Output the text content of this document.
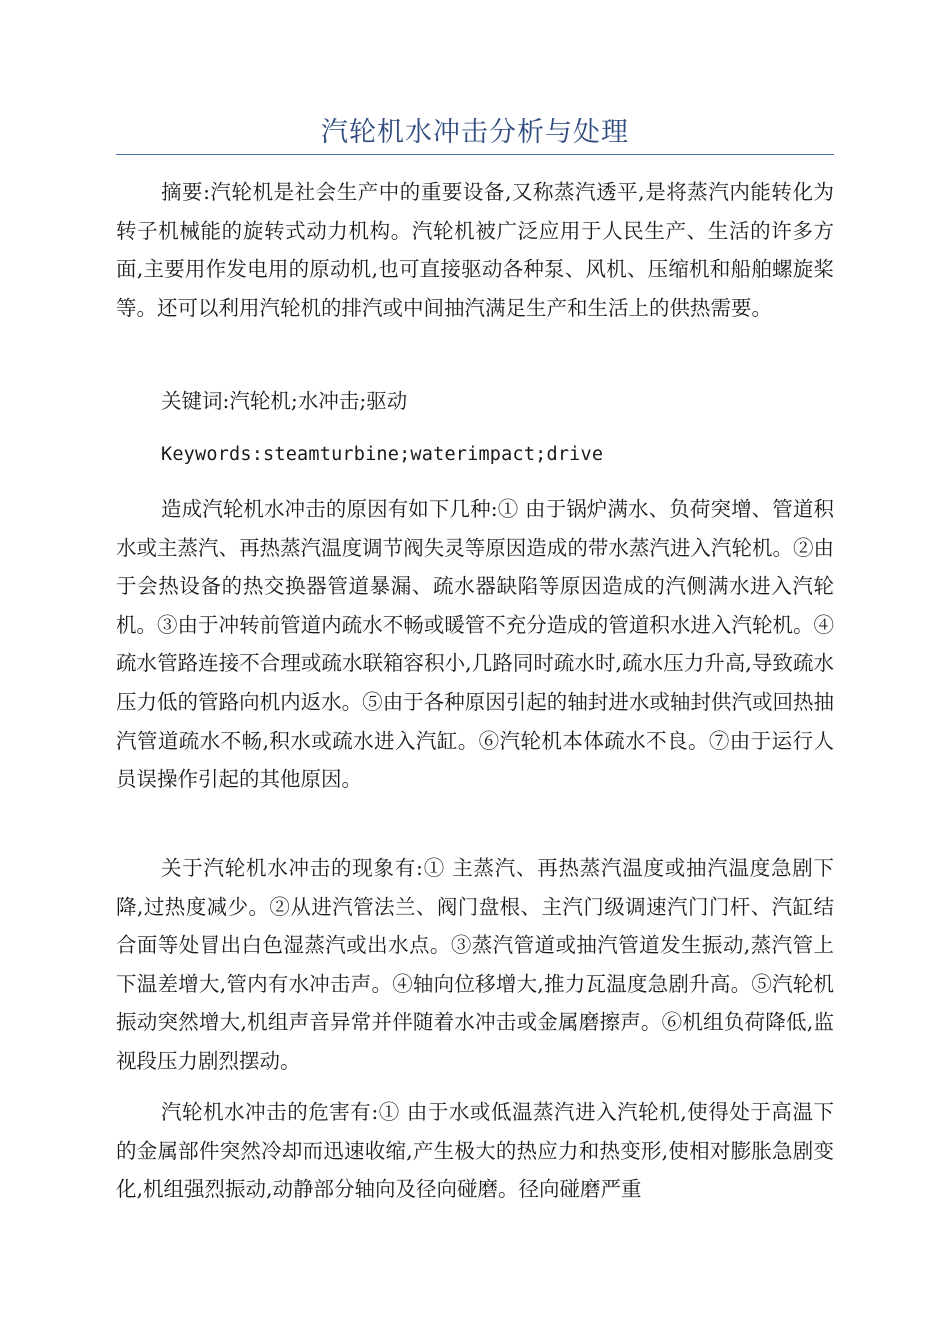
汽轮机水冲击分析与处理

摘要:汽轮机是社会生产中的重要设备,又称蒸汽透平,是将蒸汽内能转化为转子机械能的旋转式动力机构。汽轮机被广泛应用于人民生产、生活的许多方面,主要用作发电用的原动机,也可直接驱动各种泵、风机、压缩机和船舶螺旋桨等。还可以利用汽轮机的排汽或中间抽汽满足生产和生活上的供热需要。

关键词:汽轮机;水冲击;驱动

Keywords:steamturbine;waterimpact;drive

造成汽轮机水冲击的原因有如下几种:① 由于锅炉满水、负荷突增、管道积水或主蒸汽、再热蒸汽温度调节阀失灵等原因造成的带水蒸汽进入汽轮机。②由于会热设备的热交换器管道暴漏、疏水器缺陷等原因造成的汽侧满水进入汽轮机。③由于冲转前管道内疏水不畅或暖管不充分造成的管道积水进入汽轮机。④疏水管路连接不合理或疏水联箱容积小,几路同时疏水时,疏水压力升高,导致疏水压力低的管路向机内返水。⑤由于各种原因引起的轴封进水或轴封供汽或回热抽汽管道疏水不畅,积水或疏水进入汽缸。⑥汽轮机本体疏水不良。⑦由于运行人员误操作引起的其他原因。

关于汽轮机水冲击的现象有:① 主蒸汽、再热蒸汽温度或抽汽温度急剧下降,过热度减少。②从进汽管法兰、阀门盘根、主汽门级调速汽门门杆、汽缸结合面等处冒出白色湿蒸汽或出水点。③蒸汽管道或抽汽管道发生振动,蒸汽管上下温差增大,管内有水冲击声。④轴向位移增大,推力瓦温度急剧升高。⑤汽轮机振动突然增大,机组声音异常并伴随着水冲击或金属磨擦声。⑥机组负荷降低,监视段压力剧烈摆动。

汽轮机水冲击的危害有:① 由于水或低温蒸汽进入汽轮机,使得处于高温下的金属部件突然冷却而迅速收缩,产生极大的热应力和热变形,使相对膨胀急剧变化,机组强烈振动,动静部分轴向及径向碰磨。径向碰磨严重
